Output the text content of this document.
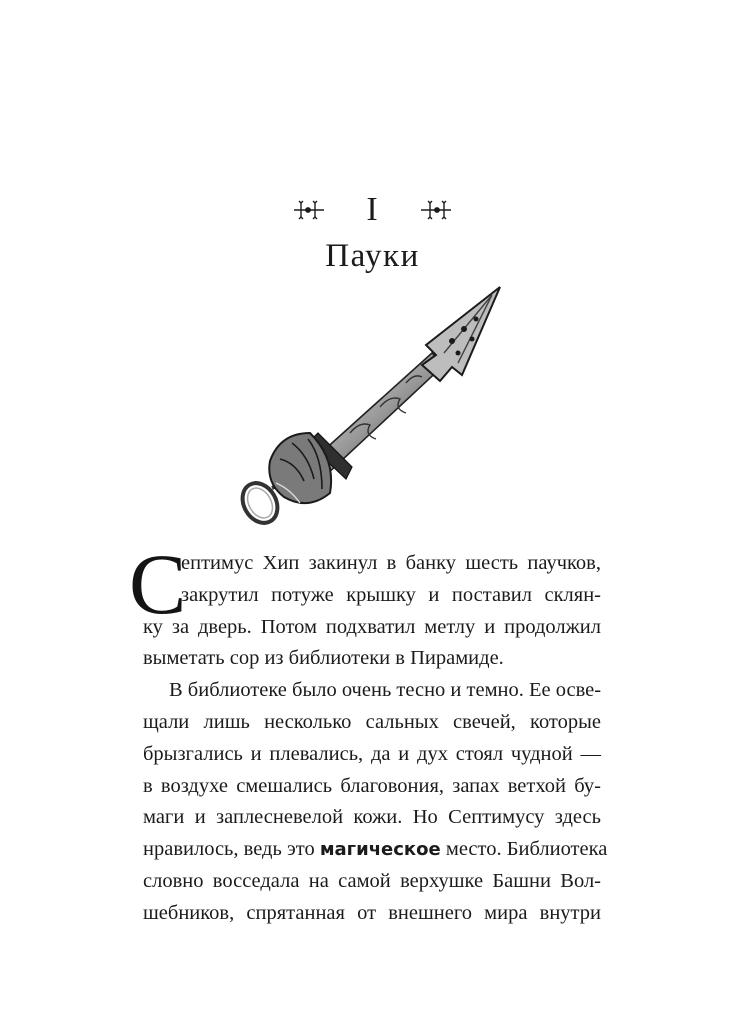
I
Пауки
С
ептимус Хип закинул в банку шесть паучков,
закрутил потуже крышку и поставил склян-
ку за дверь. Потом подхватил метлу и продолжил
выметать сор из библиотеки в Пирамиде.
В библиотеке было очень тесно и темно. Ее осве-
щали лишь несколько сальных свечей, которые
брызгались и плевались, да и дух стоял чудной —
в воздухе смешались благовония, запах ветхой бу-
маги и заплесневелой кожи. Но Септимусу здесь
нравилось, ведь это магическое место. Библиотека
словно восседала на самой верхушке Башни Вол-
шебников, спрятанная от внешнего мира внутри
